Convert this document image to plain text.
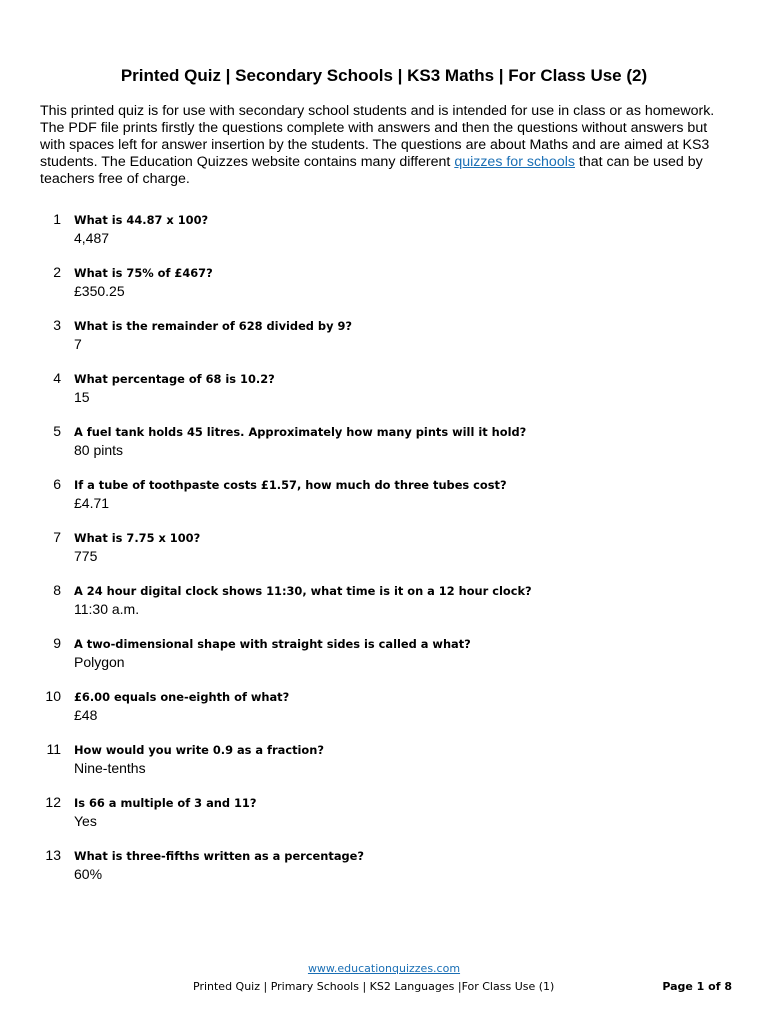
Printed Quiz | Secondary Schools | KS3 Maths | For Class Use (2)
This printed quiz is for use with secondary school students and is intended for use in class or as homework. The PDF file prints firstly the questions complete with answers and then the questions without answers but with spaces left for answer insertion by the students. The questions are about Maths and are aimed at KS3 students. The Education Quizzes website contains many different quizzes for schools that can be used by teachers free of charge.
1 What is 44.87 x 100?
4,487
2 What is 75% of £467?
£350.25
3 What is the remainder of 628 divided by 9?
7
4 What percentage of 68 is 10.2?
15
5 A fuel tank holds 45 litres. Approximately how many pints will it hold?
80 pints
6 If a tube of toothpaste costs £1.57, how much do three tubes cost?
£4.71
7 What is 7.75 x 100?
775
8 A 24 hour digital clock shows 11:30, what time is it on a 12 hour clock?
11:30 a.m.
9 A two-dimensional shape with straight sides is called a what?
Polygon
10 £6.00 equals one-eighth of what?
£48
11 How would you write 0.9 as a fraction?
Nine-tenths
12 Is 66 a multiple of 3 and 11?
Yes
13 What is three-fifths written as a percentage?
60%
www.educationquizzes.com
Printed Quiz | Primary Schools | KS2 Languages |For Class Use (1)	Page 1 of 8
